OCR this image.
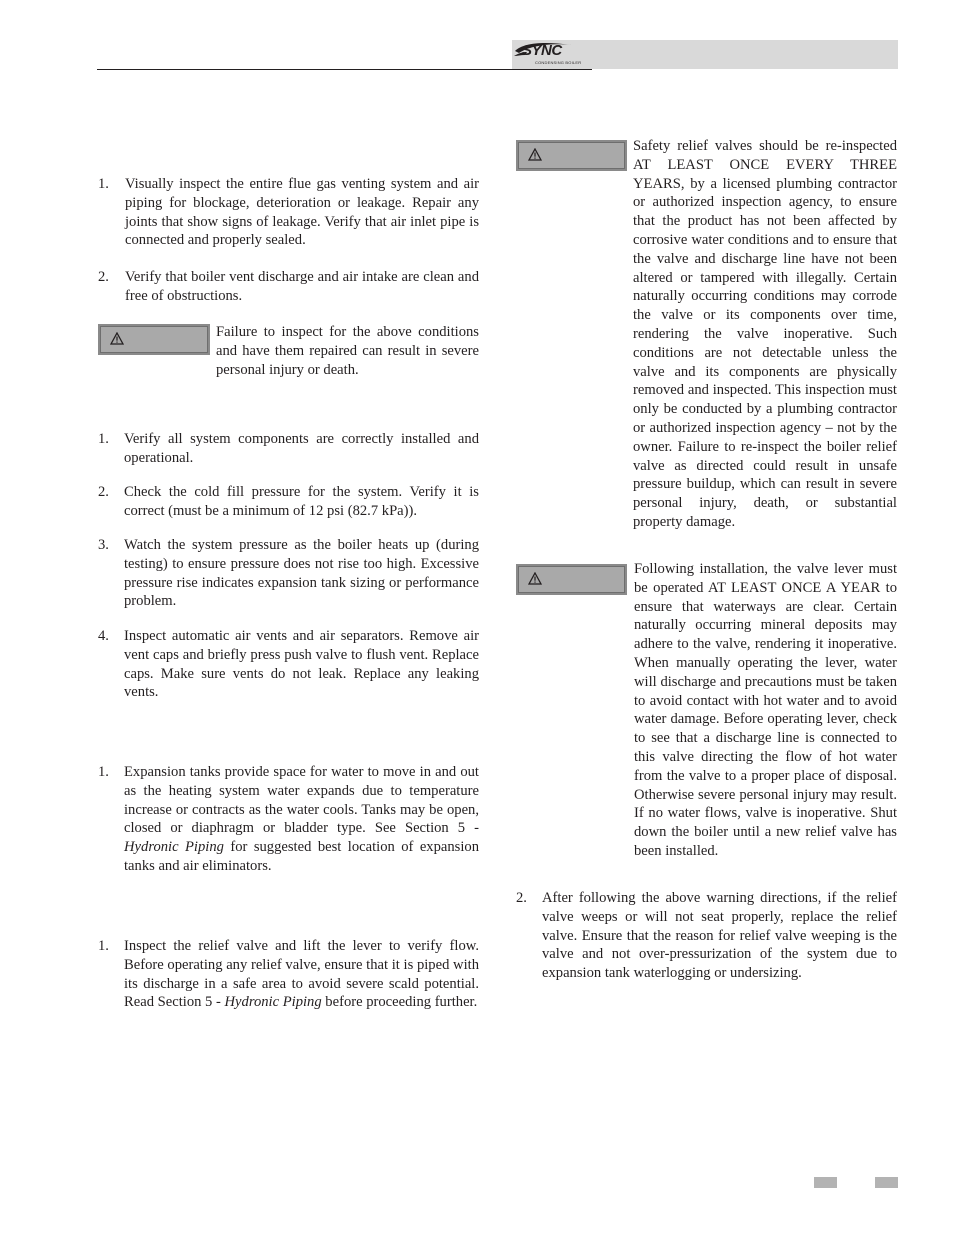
SYNC
CONDENSING BOILER

1. Visually inspect the entire flue gas venting system and air piping for blockage, deterioration or leakage. Repair any joints that show signs of leakage. Verify that air inlet pipe is connected and properly sealed.

2. Verify that boiler vent discharge and air intake are clean and free of obstructions.

Failure to inspect for the above conditions and have them repaired can result in severe personal injury or death.

1. Verify all system components are correctly installed and operational.

2. Check the cold fill pressure for the system. Verify it is correct (must be a minimum of 12 psi (82.7 kPa)).

3. Watch the system pressure as the boiler heats up (during testing) to ensure pressure does not rise too high. Excessive pressure rise indicates expansion tank sizing or performance problem.

4. Inspect automatic air vents and air separators. Remove air vent caps and briefly press push valve to flush vent. Replace caps. Make sure vents do not leak. Replace any leaking vents.

1. Expansion tanks provide space for water to move in and out as the heating system water expands due to temperature increase or contracts as the water cools. Tanks may be open, closed or diaphragm or bladder type. See Section 5 - Hydronic Piping for suggested best location of expansion tanks and air eliminators.

1. Inspect the relief valve and lift the lever to verify flow. Before operating any relief valve, ensure that it is piped with its discharge in a safe area to avoid severe scald potential. Read Section 5 - Hydronic Piping before proceeding further.

Safety relief valves should be re-inspected AT LEAST ONCE EVERY THREE YEARS, by a licensed plumbing contractor or authorized inspection agency, to ensure that the product has not been affected by corrosive water conditions and to ensure that the valve and discharge line have not been altered or tampered with illegally. Certain naturally occurring conditions may corrode the valve or its components over time, rendering the valve inoperative. Such conditions are not detectable unless the valve and its components are physically removed and inspected. This inspection must only be conducted by a plumbing contractor or authorized inspection agency – not by the owner. Failure to re-inspect the boiler relief valve as directed could result in unsafe pressure buildup, which can result in severe personal injury, death, or substantial property damage.

Following installation, the valve lever must be operated AT LEAST ONCE A YEAR to ensure that waterways are clear. Certain naturally occurring mineral deposits may adhere to the valve, rendering it inoperative. When manually operating the lever, water will discharge and precautions must be taken to avoid contact with hot water and to avoid water damage. Before operating lever, check to see that a discharge line is connected to this valve directing the flow of hot water from the valve to a proper place of disposal. Otherwise severe personal injury may result. If no water flows, valve is inoperative. Shut down the boiler until a new relief valve has been installed.

2. After following the above warning directions, if the relief valve weeps or will not seat properly, replace the relief valve. Ensure that the reason for relief valve weeping is the valve and not over-pressurization of the system due to expansion tank waterlogging or undersizing.
